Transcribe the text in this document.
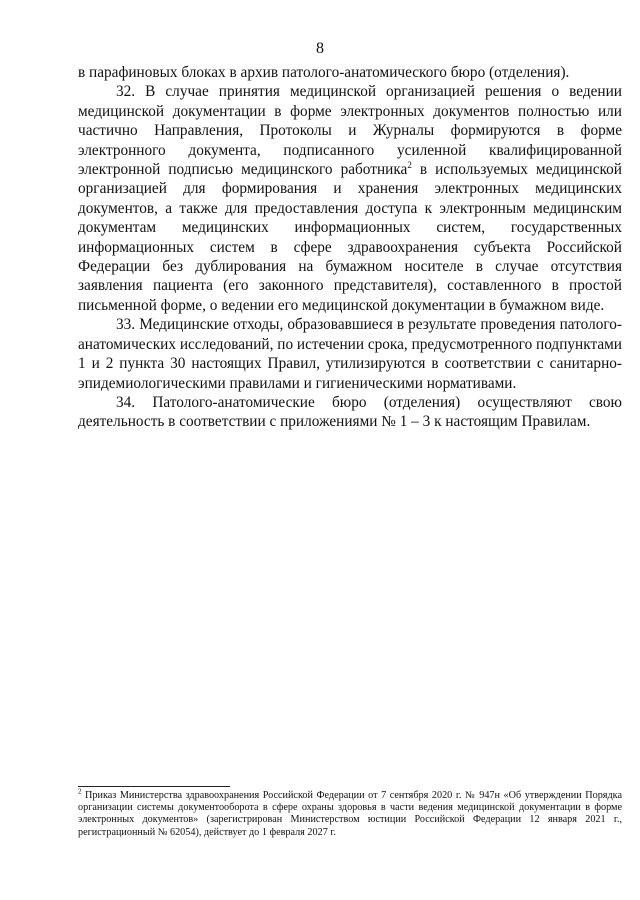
8

в парафиновых блоках в архив патолого-анатомического бюро (отделения).

32. В случае принятия медицинской организацией решения о ведении медицинской документации в форме электронных документов полностью или частично Направления, Протоколы и Журналы формируются в форме электронного документа, подписанного усиленной квалифицированной электронной подписью медицинского работника$^2$ в используемых медицинской организацией для формирования и хранения электронных медицинских документов, а также для предоставления доступа к электронным медицинским документам медицинских информационных систем, государственных информационных систем в сфере здравоохранения субъекта Российской Федерации без дублирования на бумажном носителе в случае отсутствия заявления пациента (его законного представителя), составленного в простой письменной форме, о ведении его медицинской документации в бумажном виде.

33. Медицинские отходы, образовавшиеся в результате проведения патолого-анатомических исследований, по истечении срока, предусмотренного подпунктами 1 и 2 пункта 30 настоящих Правил, утилизируются в соответствии с санитарно-эпидемиологическими правилами и гигиеническими нормативами.

34. Патолого-анатомические бюро (отделения) осуществляют свою деятельность в соответствии с приложениями № 1 – 3 к настоящим Правилам.

$^2$ Приказ Министерства здравоохранения Российской Федерации от 7 сентября 2020 г. № 947н «Об утверждении Порядка организации системы документооборота в сфере охраны здоровья в части ведения медицинской документации в форме электронных документов» (зарегистрирован Министерством юстиции Российской Федерации 12 января 2021 г., регистрационный № 62054), действует до 1 февраля 2027 г.
